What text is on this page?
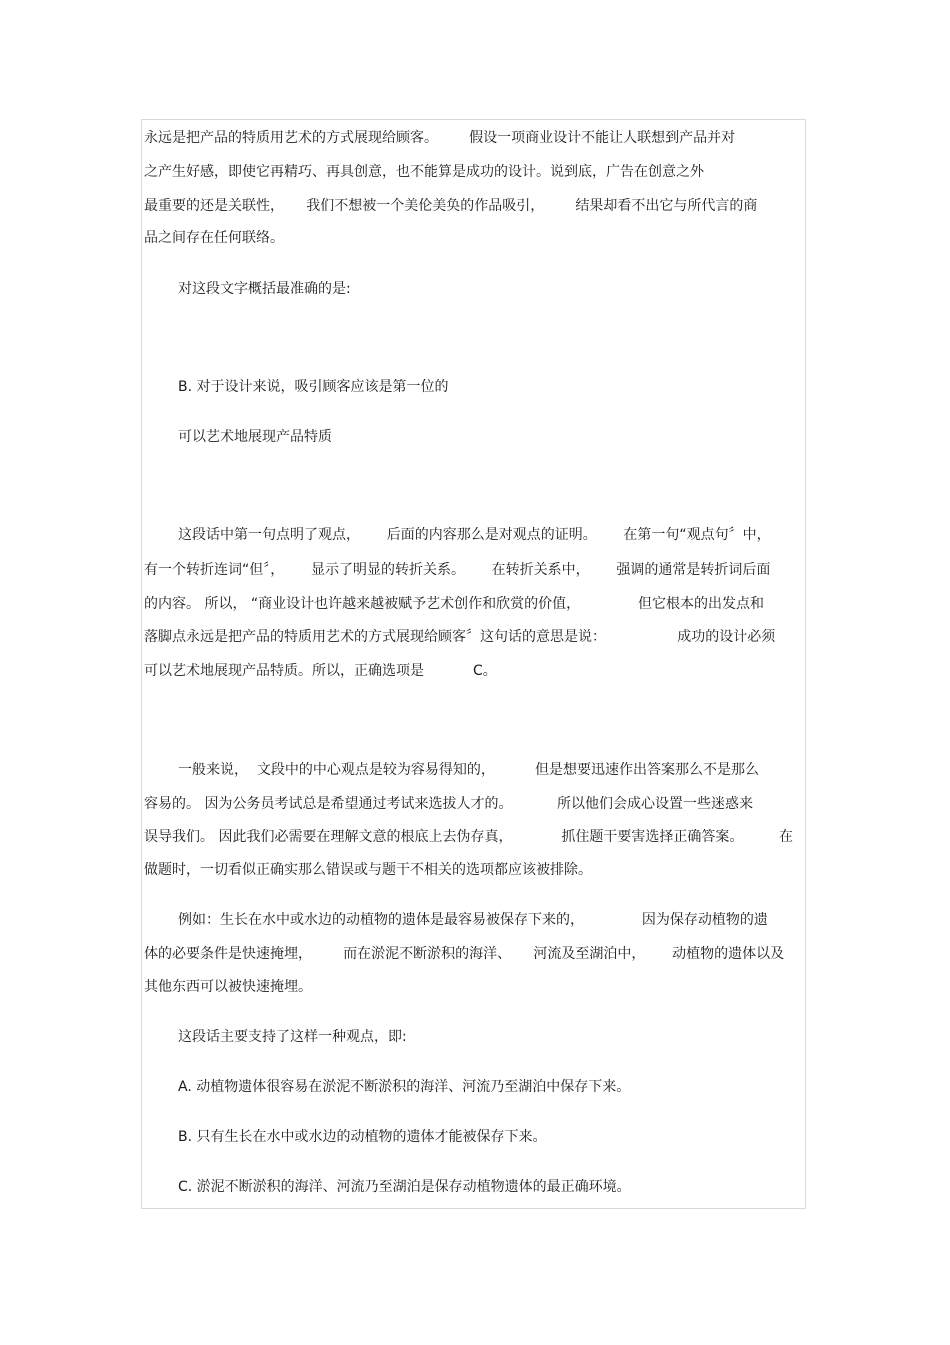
永远是把产品的特质用艺术的方式展现给顾客。       假设一项商业设计不能让人联想到产品并对
之产生好感，即使它再精巧、再具创意，也不能算是成功的设计。说到底，广告在创意之外
最重要的还是关联性，     我们不想被一个美伦美奂的作品吸引，       结果却看不出它与所代言的商
品之间存在任何联络。
对这段文字概括最准确的是:
B. 对于设计来说，吸引顾客应该是第一位的
可以艺术地展现产品特质
这段话中第一句点明了观点，      后面的内容那么是对观点的证明。      在第一句“观点句〞中，
有一个转折连词“但〞，      显示了明显的转折关系。      在转折关系中，      强调的通常是转折词后面
的内容。 所以， “商业设计也许越来越被赋予艺术创作和欣赏的价值，             但它根本的出发点和
落脚点永远是把产品的特质用艺术的方式展现给顾客〞这句话的意思是说：                成功的设计必须
可以艺术地展现产品特质。所以，正确选项是           C。
一般来说，  文段中的中心观点是较为容易得知的，         但是想要迅速作出答案那么不是那么
容易的。 因为公务员考试总是希望通过考试来选拔人才的。          所以他们会成心设置一些迷惑来
误导我们。 因此我们必需要在理解文意的根底上去伪存真，           抓住题干要害选择正确答案。        在
做题时，一切看似正确实那么错误或与题干不相关的选项都应该被排除。
例如：生长在水中或水边的动植物的遗体是最容易被保存下来的，             因为保存动植物的遗
体的必要条件是快速掩埋，       而在淤泥不断淤积的海洋、     河流及至湖泊中，      动植物的遗体以及
其他东西可以被快速掩埋。
这段话主要支持了这样一种观点，即:
A. 动植物遗体很容易在淤泥不断淤积的海洋、河流乃至湖泊中保存下来。
B. 只有生长在水中或水边的动植物的遗体才能被保存下来。
C. 淤泥不断淤积的海洋、河流乃至湖泊是保存动植物遗体的最正确环境。
